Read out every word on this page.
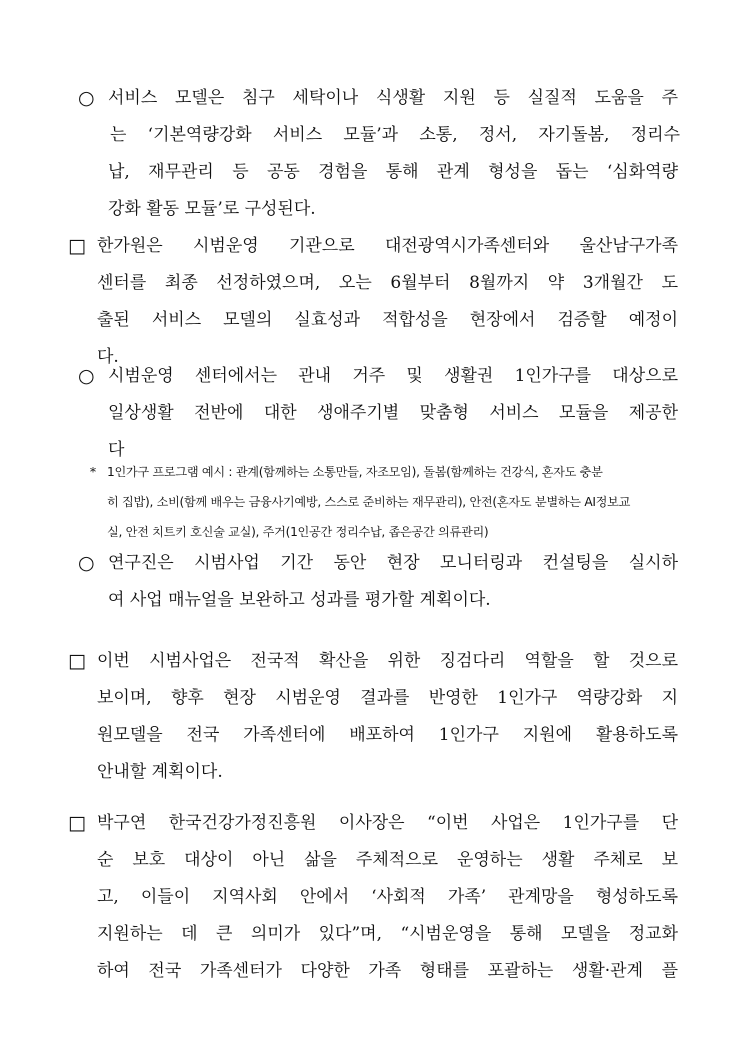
○ 서비스 모델은 침구 세탁이나 식생활 지원 등 실질적 도움을 주
는 ‘기본역량강화 서비스 모듈’과 소통, 정서, 자기돌봄, 정리수
납, 재무관리 등 공동 경험을 통해 관계 형성을 돕는 ‘심화역량
강화 활동 모듈’로 구성된다.
□ 한가원은 시범운영 기관으로 대전광역시가족센터와 울산남구가족
센터를 최종 선정하였으며, 오는 6월부터 8월까지 약 3개월간 도
출된 서비스 모델의 실효성과 적합성을 현장에서 검증할 예정이
다.
○ 시범운영 센터에서는 관내 거주 및 생활권 1인가구를 대상으로
일상생활 전반에 대한 생애주기별 맞춤형 서비스 모듈을 제공한
다
* 1인가구 프로그램 예시 : 관계(함께하는 소통만들, 자조모임), 돌봄(함께하는 건강식, 혼자도 충분
히 집밥), 소비(함께 배우는 금융사기예방, 스스로 준비하는 재무관리), 안전(혼자도 분별하는 AI정보교
실, 안전 치트키 호신술 교실), 주거(1인공간 정리수납, 좁은공간 의류관리)
○ 연구진은 시범사업 기간 동안 현장 모니터링과 컨설팅을 실시하
여 사업 매뉴얼을 보완하고 성과를 평가할 계획이다.
□ 이번 시범사업은 전국적 확산을 위한 징검다리 역할을 할 것으로
보이며, 향후 현장 시범운영 결과를 반영한 1인가구 역량강화 지
원모델을 전국 가족센터에 배포하여 1인가구 지원에 활용하도록
안내할 계획이다.
□ 박구연 한국건강가정진흥원 이사장은 “이번 사업은 1인가구를 단
순 보호 대상이 아닌 삶을 주체적으로 운영하는 생활 주체로 보
고, 이들이 지역사회 안에서 ‘사회적 가족’ 관계망을 형성하도록
지원하는 데 큰 의미가 있다”며, “시범운영을 통해 모델을 정교화
하여 전국 가족센터가 다양한 가족 형태를 포괄하는 생활·관계 플
